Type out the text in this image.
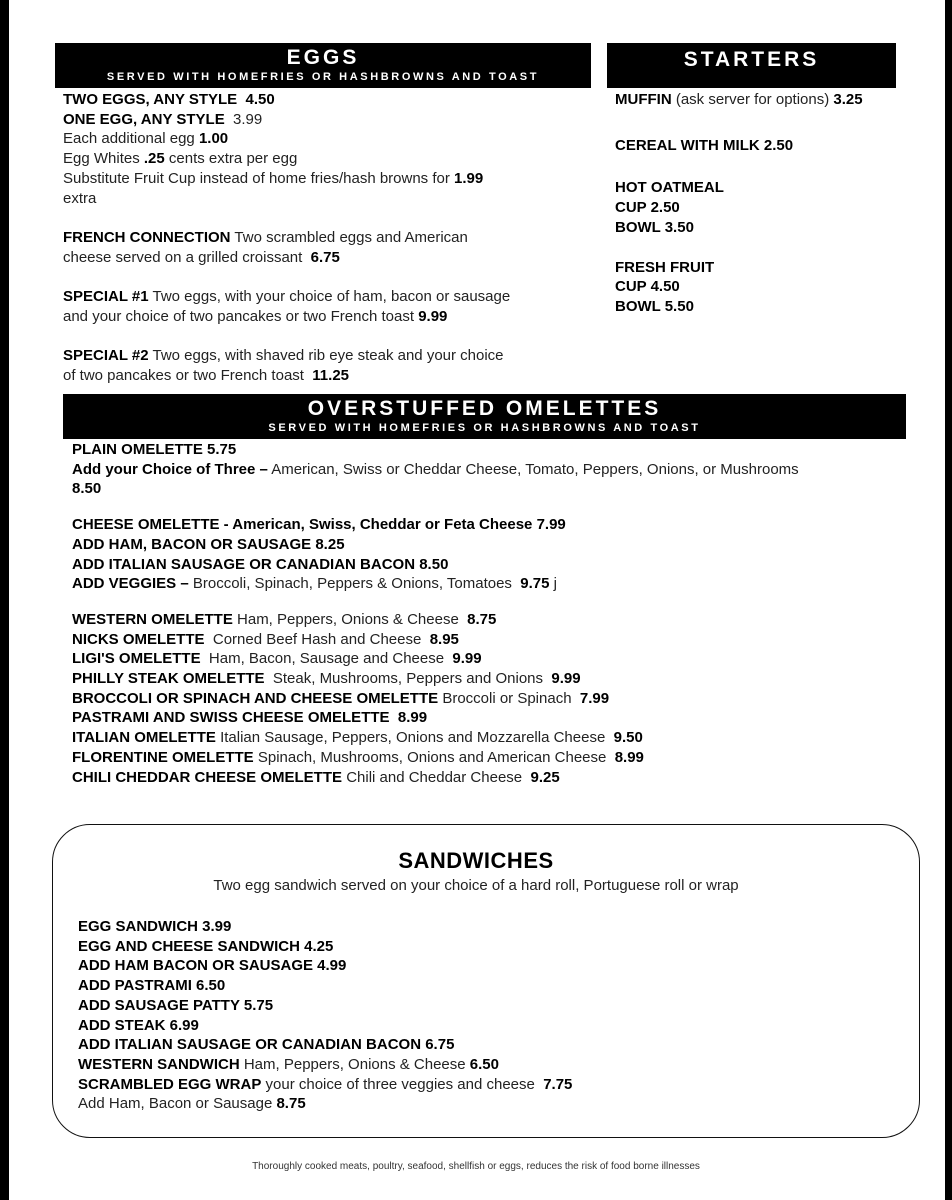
EGGS
SERVED WITH HOMEFRIES OR HASHBROWNS AND TOAST
STARTERS
TWO EGGS, ANY STYLE 4.50
ONE EGG, ANY STYLE 3.99
Each additional egg 1.00
Egg Whites .25 cents extra per egg
Substitute Fruit Cup instead of home fries/hash browns for 1.99
extra
FRENCH CONNECTION Two scrambled eggs and American
cheese served on a grilled croissant 6.75
SPECIAL #1 Two eggs, with your choice of ham, bacon or sausage
and your choice of two pancakes or two French toast 9.99
SPECIAL #2 Two eggs, with shaved rib eye steak and your choice
of two pancakes or two French toast 11.25
MUFFIN (ask server for options) 3.25
CEREAL WITH MILK 2.50
HOT OATMEAL
CUP 2.50
BOWL 3.50
FRESH FRUIT
CUP 4.50
BOWL 5.50
OVERSTUFFED OMELETTES
SERVED WITH HOMEFRIES OR HASHBROWNS AND TOAST
PLAIN OMELETTE 5.75
Add your Choice of Three – American, Swiss or Cheddar Cheese, Tomato, Peppers, Onions, or Mushrooms
8.50
CHEESE OMELETTE - American, Swiss, Cheddar or Feta Cheese 7.99
ADD HAM, BACON OR SAUSAGE 8.25
ADD ITALIAN SAUSAGE OR CANADIAN BACON 8.50
ADD VEGGIES – Broccoli, Spinach, Peppers & Onions, Tomatoes 9.75 j
WESTERN OMELETTE Ham, Peppers, Onions & Cheese 8.75
NICKS OMELETTE Corned Beef Hash and Cheese 8.95
LIGI'S OMELETTE Ham, Bacon, Sausage and Cheese 9.99
PHILLY STEAK OMELETTE Steak, Mushrooms, Peppers and Onions 9.99
BROCCOLI OR SPINACH AND CHEESE OMELETTE Broccoli or Spinach 7.99
PASTRAMI AND SWISS CHEESE OMELETTE 8.99
ITALIAN OMELETTE Italian Sausage, Peppers, Onions and Mozzarella Cheese 9.50
FLORENTINE OMELETTE Spinach, Mushrooms, Onions and American Cheese 8.99
CHILI CHEDDAR CHEESE OMELETTE Chili and Cheddar Cheese 9.25
SANDWICHES
Two egg sandwich served on your choice of a hard roll, Portuguese roll or wrap
EGG SANDWICH 3.99
EGG AND CHEESE SANDWICH 4.25
ADD HAM BACON OR SAUSAGE 4.99
ADD PASTRAMI 6.50
ADD SAUSAGE PATTY 5.75
ADD STEAK 6.99
ADD ITALIAN SAUSAGE OR CANADIAN BACON 6.75
WESTERN SANDWICH Ham, Peppers, Onions & Cheese 6.50
SCRAMBLED EGG WRAP your choice of three veggies and cheese 7.75
Add Ham, Bacon or Sausage 8.75
Thoroughly cooked meats, poultry, seafood, shellfish or eggs, reduces the risk of food borne illnesses
